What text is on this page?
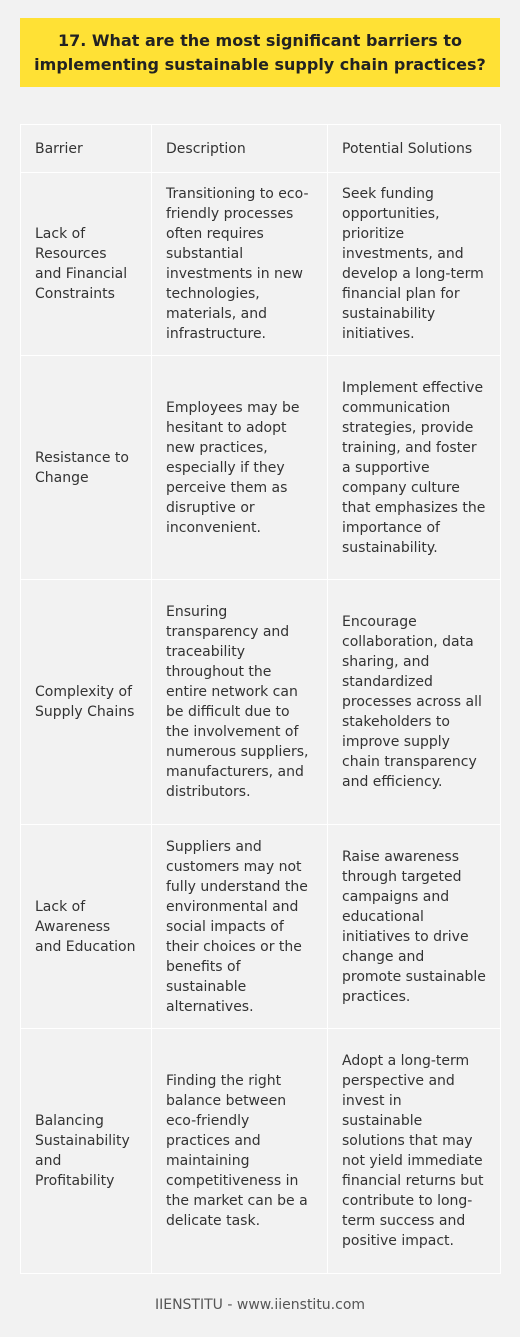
17. What are the most significant barriers to implementing sustainable supply chain practices?
Barrier	Description	Potential Solutions
Lack of Resources and Financial Constraints	Transitioning to eco-friendly processes often requires substantial investments in new technologies, materials, and infrastructure.	Seek funding opportunities, prioritize investments, and develop a long-term financial plan for sustainability initiatives.
Resistance to Change	Employees may be hesitant to adopt new practices, especially if they perceive them as disruptive or inconvenient.	Implement effective communication strategies, provide training, and foster a supportive company culture that emphasizes the importance of sustainability.
Complexity of Supply Chains	Ensuring transparency and traceability throughout the entire network can be difficult due to the involvement of numerous suppliers, manufacturers, and distributors.	Encourage collaboration, data sharing, and standardized processes across all stakeholders to improve supply chain transparency and efficiency.
Lack of Awareness and Education	Suppliers and customers may not fully understand the environmental and social impacts of their choices or the benefits of sustainable alternatives.	Raise awareness through targeted campaigns and educational initiatives to drive change and promote sustainable practices.
Balancing Sustainability and Profitability	Finding the right balance between eco-friendly practices and maintaining competitiveness in the market can be a delicate task.	Adopt a long-term perspective and invest in sustainable solutions that may not yield immediate financial returns but contribute to long-term success and positive impact.
IIENSTITU - www.iienstitu.com
